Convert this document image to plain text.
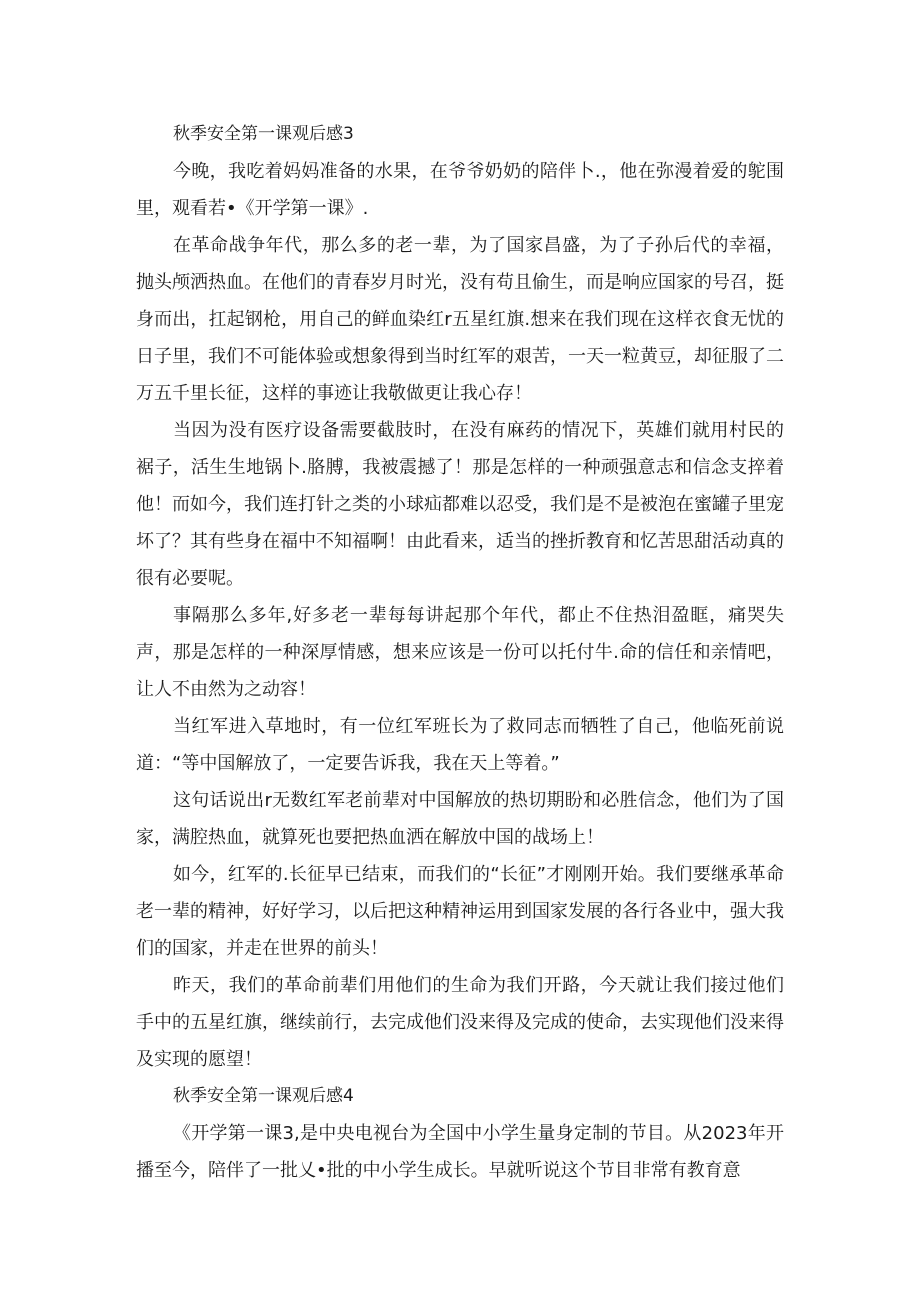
秋季安全第一课观后感3

今晚，我吃着妈妈准备的水果，在爷爷奶奶的陪伴卜.，他在弥漫着爱的鸵围里，观看若•《开学第一课》.

在革命战争年代，那么多的老一辈，为了国家昌盛，为了子孙后代的幸福，抛头颅洒热血。在他们的青春岁月时光，没有苟且偷生，而是响应国家的号召，挺身而出，扛起钢枪，用自己的鲜血染红r五星红旗.想来在我们现在这样衣食无忧的日子里，我们不可能体验或想象得到当时红军的艰苦，一天一粒黄豆，却征服了二万五千里长征，这样的事迹让我敬做更让我心存！

当因为没有医疗设备需要截肢时，在没有麻药的情况下，英雄们就用村民的裾子，活生生地锅卜.胳膊，我被震撼了！那是怎样的一种顽强意志和信念支捽着他！而如今，我们连打针之类的小球疝都难以忍受，我们是不是被泡在蜜罐子里宠坏了？其有些身在福中不知福啊！由此看来，适当的挫折教育和忆苦思甜活动真的很有必要呢。

事隔那么多年,好多老一辈每每讲起那个年代，都止不住热泪盈眶，痛哭失声，那是怎样的一种深厚情感，想来应该是一份可以托付牛.命的信任和亲情吧，让人不由然为之动容！

当红军进入草地时，有一位红军班长为了救同志而牺牲了自己，他临死前说道：“等中国解放了，一定要告诉我，我在天上等着。”

这句话说出r无数红军老前辈对中国解放的热切期盼和必胜信念，他们为了国家，满腔热血，就算死也要把热血洒在解放中国的战场上！

如今，红军的.长征早已结束，而我们的“长征”才刚刚开始。我们要继承革命老一辈的精神，好好学习，以后把这种精神运用到国家发展的各行各业中，强大我们的国家，并走在世界的前头！

昨天，我们的革命前辈们用他们的生命为我们开路，今天就让我们接过他们手中的五星红旗，继续前行，去完成他们没来得及完成的使命，去实现他们没来得及实现的愿望！

秋季安全第一课观后感4

《开学第一课3,是中央电视台为全国中小学生量身定制的节目。从2023年开播至今，陪伴了一批乂•批的中小学生成长。早就听说这个节目非常有教育意
